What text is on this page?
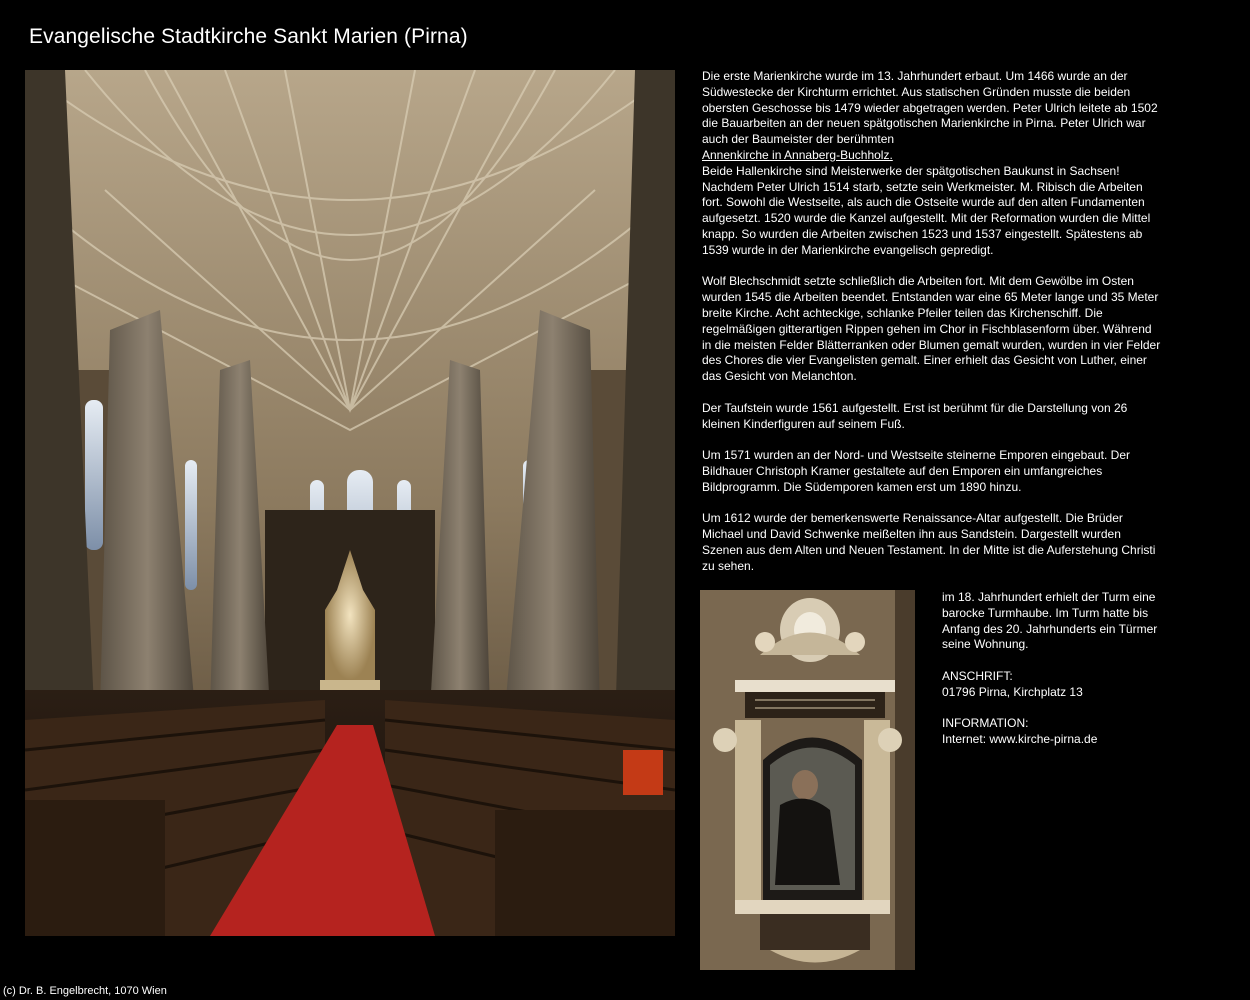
Evangelische Stadtkirche Sankt Marien (Pirna)

Die erste Marienkirche wurde im 13. Jahrhundert erbaut. Um 1466 wurde an der Südwestecke der Kirchturm errichtet. Aus statischen Gründen musste die beiden obersten Geschosse bis 1479 wieder abgetragen werden. Peter Ulrich leitete ab 1502 die Bauarbeiten an der neuen spätgotischen Marienkirche in Pirna. Peter Ulrich war auch der Baumeister der berühmten
Annenkirche in Annaberg-Buchholz.
Beide Hallenkirche sind Meisterwerke der spätgotischen Baukunst in Sachsen! Nachdem Peter Ulrich 1514 starb, setzte sein Werkmeister. M. Ribisch die Arbeiten fort. Sowohl die Westseite, als auch die Ostseite wurde auf den alten Fundamenten aufgesetzt. 1520 wurde die Kanzel aufgestellt. Mit der Reformation wurden die Mittel knapp. So wurden die Arbeiten zwischen 1523 und 1537 eingestellt. Spätestens ab 1539 wurde in der Marienkirche evangelisch gepredigt.

Wolf Blechschmidt setzte schließlich die Arbeiten fort. Mit dem Gewölbe im Osten wurden 1545 die Arbeiten beendet. Entstanden war eine 65 Meter lange und 35 Meter breite Kirche. Acht achteckige, schlanke Pfeiler teilen das Kirchenschiff. Die regelmäßigen gitterartigen Rippen gehen im Chor in Fischblasenform über. Während in die meisten Felder Blätterranken oder Blumen gemalt wurden, wurden in vier Felder des Chores die vier Evangelisten gemalt. Einer erhielt das Gesicht von Luther, einer das Gesicht von Melanchton.

Der Taufstein wurde 1561 aufgestellt. Erst ist berühmt für die Darstellung von 26 kleinen Kinderfiguren auf seinem Fuß.

Um 1571 wurden an der Nord- und Westseite steinerne Emporen eingebaut. Der Bildhauer Christoph Kramer gestaltete auf den Emporen ein umfangreiches Bildprogramm. Die Südemporen kamen erst um 1890 hinzu.

Um 1612 wurde der bemerkenswerte Renaissance-Altar aufgestellt. Die Brüder Michael und David Schwenke meißelten ihn aus Sandstein. Dargestellt wurden Szenen aus dem Alten und Neuen Testament. In der Mitte ist die Auferstehung Christi zu sehen.

im 18. Jahrhundert erhielt der Turm eine barocke Turmhaube. Im Turm hatte bis Anfang des 20. Jahrhunderts ein Türmer seine Wohnung.

ANSCHRIFT:
01796 Pirna, Kirchplatz 13

INFORMATION:
Internet: www.kirche-pirna.de

(c) Dr. B. Engelbrecht, 1070 Wien
